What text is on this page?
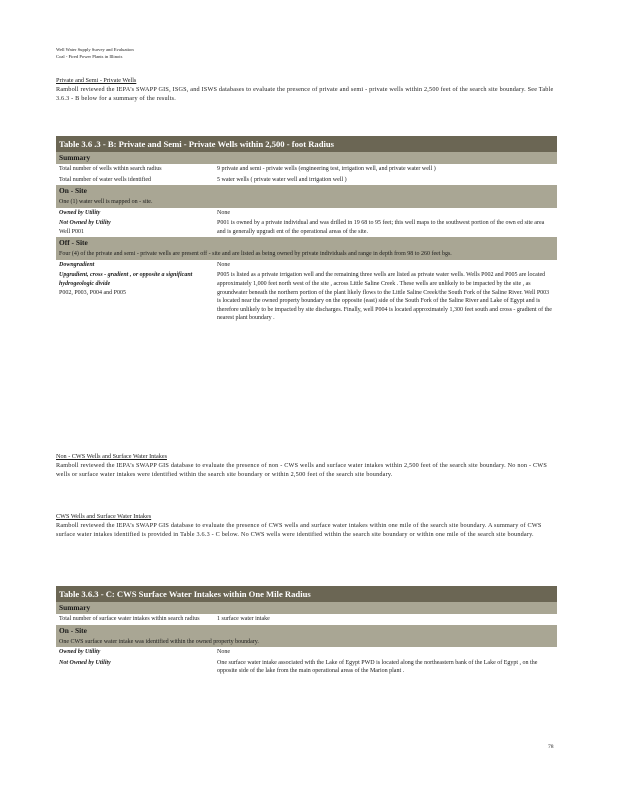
Well Water Supply Survey and Evaluation
Coal - Fired Power Plants in Illinois
Private and Semi - Private Wells
Ramboll reviewed the IEPA's SWAPP GIS, ISGS, and ISWS databases to evaluate the presence of private and semi - private wells within 2,500 feet of the search site boundary. See Table 3.6.3 - B below for a summary of the results.
Table 3.6 .3 - B: Private and Semi - Private Wells within 2,500 - foot Radius	
Summary	
Total number of wells within search radius	9 private and semi - private wells (engineering test, irrigation well, and private water well )
Total number of water wells identified	5 water wells ( private water well and irrigation well )
On - Site	
One (1) water well is mapped on - site.	
Owned by Utility	None

Not Owned by Utility
Well P001	P001 is owned by a private individual and was drilled in 19 68 to 95 feet; this well maps to the southwest portion of the own ed site area and is generally upgradi ent of the operational areas of the site.
Off - Site	
Four (4) of the private and semi - private wells are present off - site and are listed as being owned by private individuals and range in depth from 98 to 260 feet bgs.	
Downgradient	None

Upgradient, cross - gradient , or opposite a significant hydrogeologic divide
P002, P003, P004 and P005	P005 is listed as a private irrigation well and the remaining three wells are listed as private water wells. Wells P002 and P005 are located approximately 1,000 feet north west of the site , across Little Saline Creek . These wells are unlikely to be impacted by the site , as groundwater beneath the northern portion of the plant likely flows to the Little Saline Creek/the South Fork of the Saline River. Well P003 is located near the owned property boundary on the opposite (east) side of the South Fork of the Saline River and Lake of Egypt and is therefore unlikely to be impacted by site discharges. Finally, well P004 is located approximately 1,300 feet south and cross - gradient of the nearest plant boundary .
Non - CWS Wells and Surface Water Intakes
Ramboll reviewed the IEPA's SWAPP GIS database to evaluate the presence of non - CWS wells and surface water intakes within 2,500 feet of the search site boundary. No non - CWS wells or surface water intakes were identified within the search site boundary or within 2,500 feet of the search site boundary.
CWS Wells and Surface Water Intakes
Ramboll reviewed the IEPA's SWAPP GIS database to evaluate the presence of CWS wells and surface water intakes within one mile of the search site boundary. A summary of CWS surface water intakes identified is provided in Table 3.6.3 - C below. No CWS wells were identified within the search site boundary or within one mile of the search site boundary.
Table 3.6.3 - C: CWS Surface Water Intakes within One Mile Radius	
Summary	
Total number of surface water intakes within search radius	1 surface water intake
On - Site	
One CWS surface water intake was identified within the owned property boundary.	
Owned by Utility	None
Not Owned by Utility	One surface water intake associated with the Lake of Egypt PWD is located along the northeastern bank of the Lake of Egypt , on the opposite side of the lake from the main operational areas of the Marion plant .
78
